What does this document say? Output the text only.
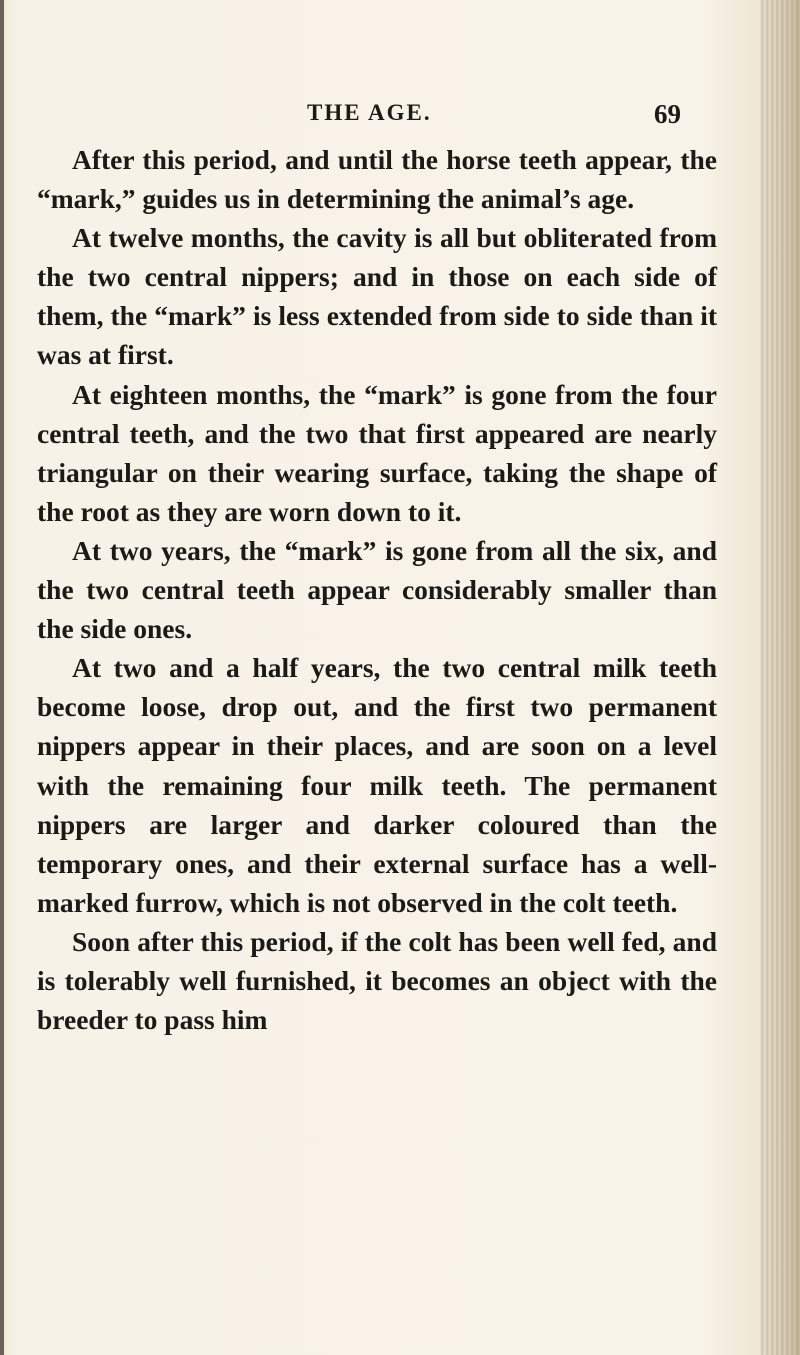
THE AGE.	69

After this period, and until the horse teeth appear, the “mark,” guides us in determining the animal’s age.

At twelve months, the cavity is all but obliterated from the two central nippers; and in those on each side of them, the “mark” is less extended from side to side than it was at first.

At eighteen months, the “mark” is gone from the four central teeth, and the two that first appeared are nearly triangular on their wearing surface, taking the shape of the root as they are worn down to it.

At two years, the “mark” is gone from all the six, and the two central teeth appear considerably smaller than the side ones.

At two and a half years, the two central milk teeth become loose, drop out, and the first two permanent nippers appear in their places, and are soon on a level with the remaining four milk teeth. The permanent nippers are larger and darker coloured than the temporary ones, and their external surface has a well-marked furrow, which is not observed in the colt teeth.

Soon after this period, if the colt has been well fed, and is tolerably well furnished, it becomes an object with the breeder to pass him
